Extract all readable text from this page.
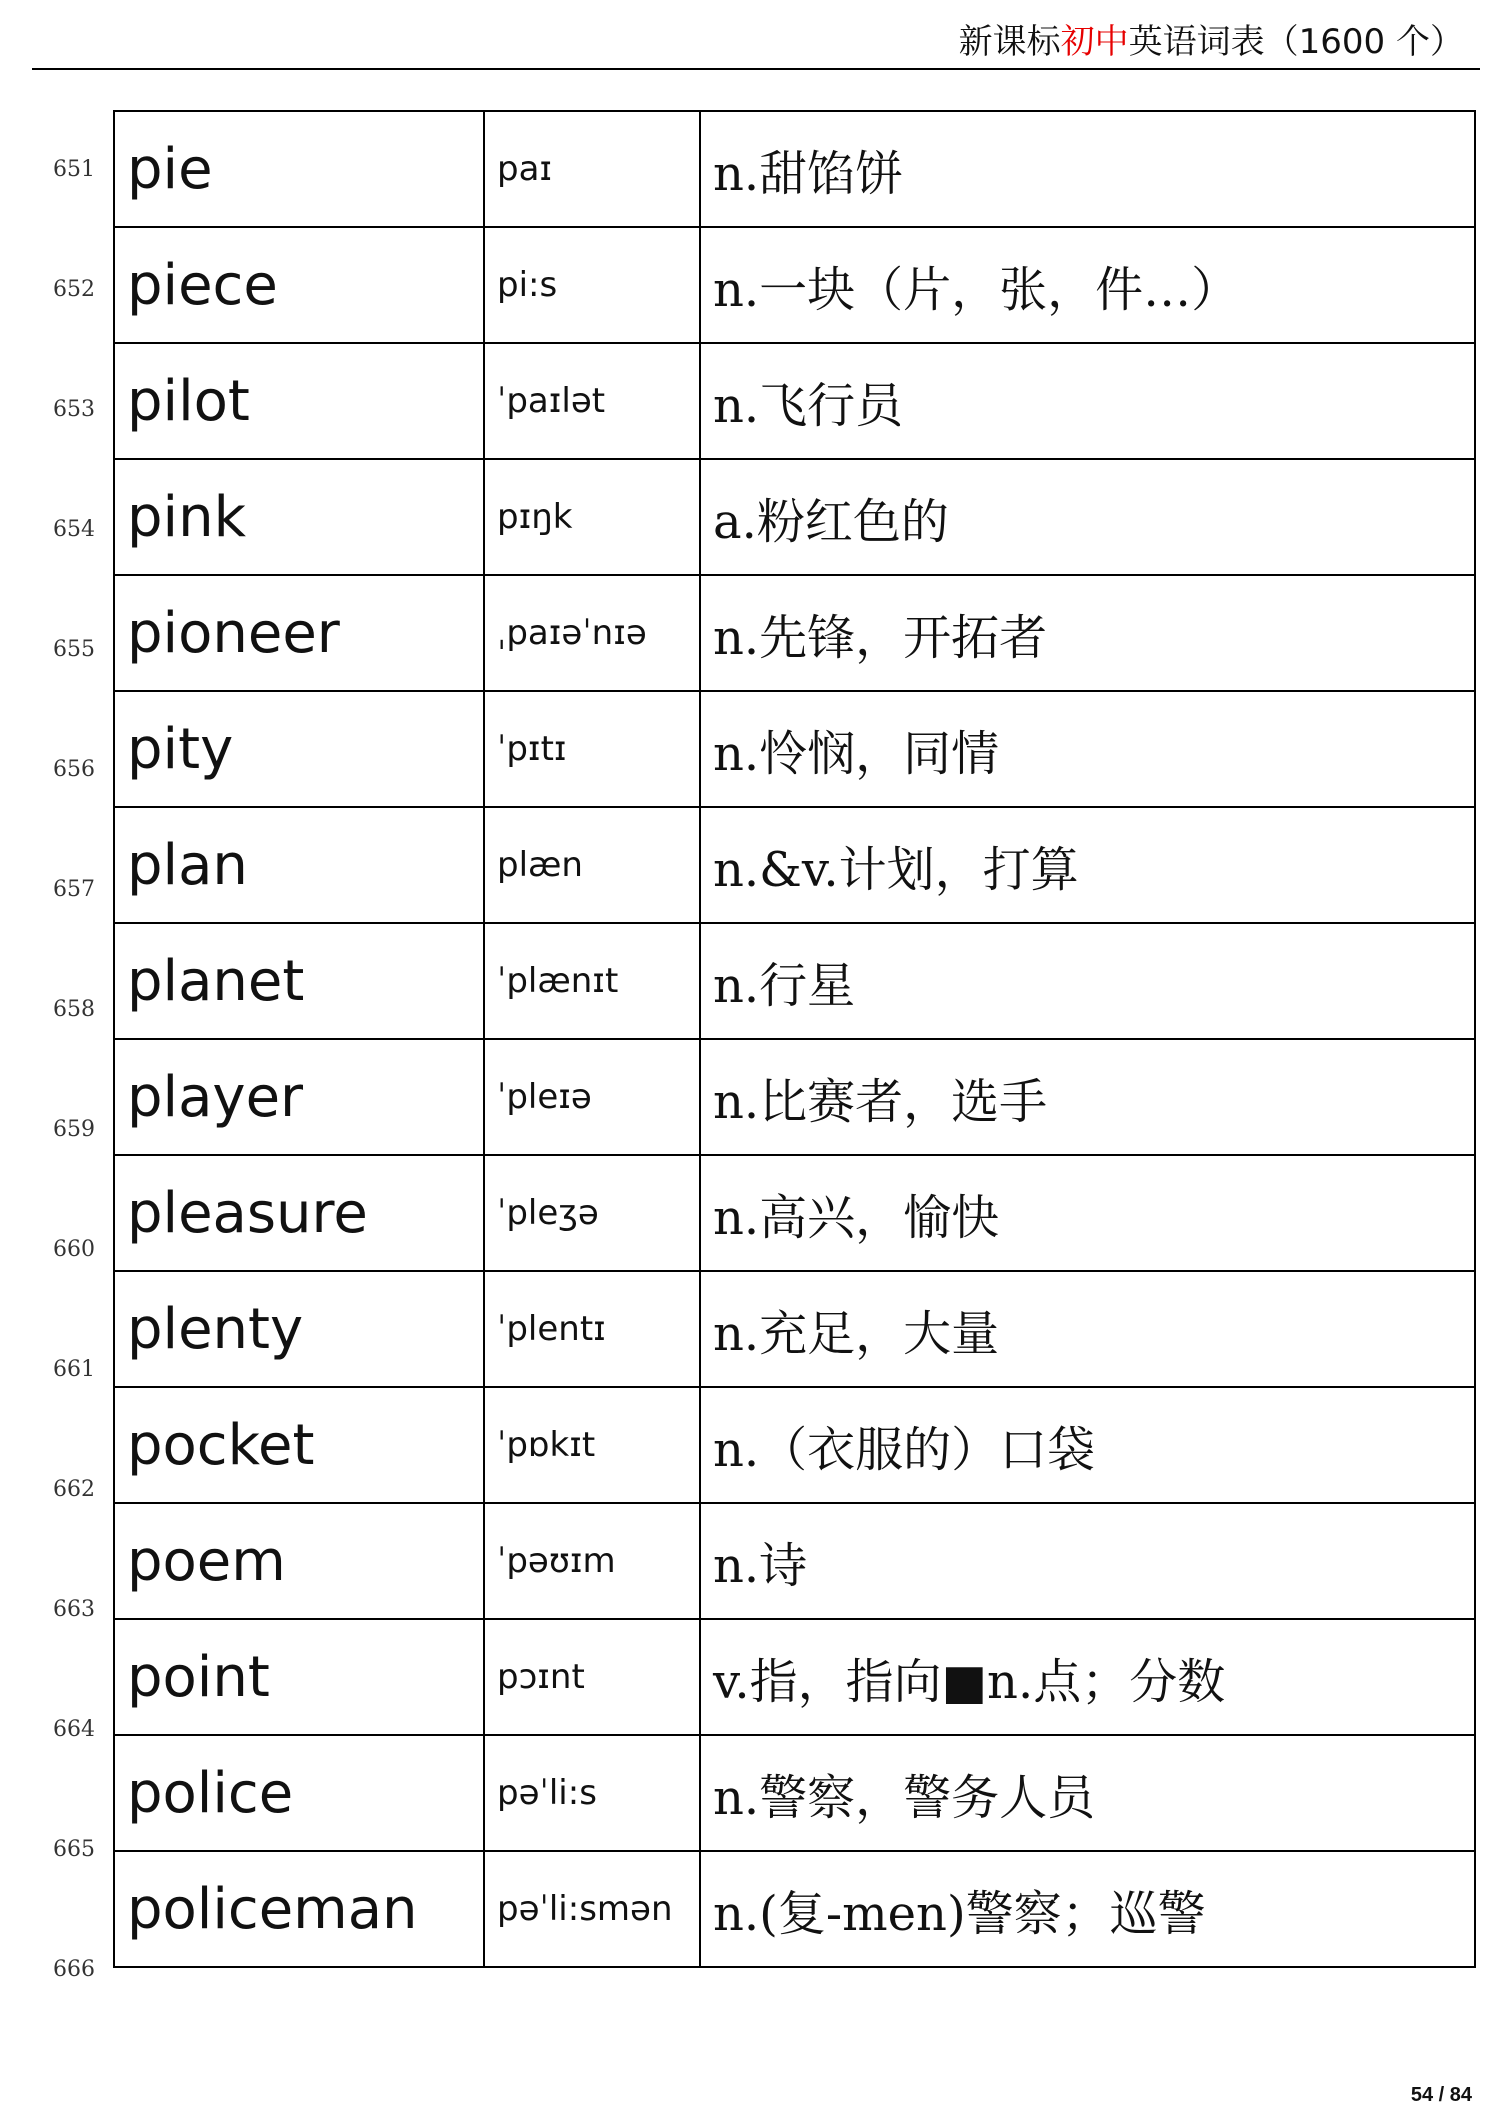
新课标初中英语词表（1600 个）
651
652
653
654
655
656
657
658
659
660
661
662
663
664
665
666
pie	paɪ	n.甜馅饼
piece	pi:s	n.一块（片，张，件…）
pilot	ˈpaɪlət	n.飞行员
pink	pɪŋk	a.粉红色的
pioneer	ˌpaɪəˈnɪə	n.先锋，开拓者
pity	ˈpɪtɪ	n.怜悯，同情
plan	plæn	n.&v.计划，打算
planet	ˈplænɪt	n.行星
player	ˈpleɪə	n.比赛者，选手
pleasure	ˈpleʒə	n.高兴，愉快
plenty	ˈplentɪ	n.充足，大量
pocket	ˈpɒkɪt	n.（衣服的）口袋
poem	ˈpəʊɪm	n.诗
point	pɔɪnt	v.指，指向■n.点；分数
police	pəˈli:s	n.警察，警务人员
policeman	pəˈli:smən	n.(复-men)警察；巡警
54 / 84
